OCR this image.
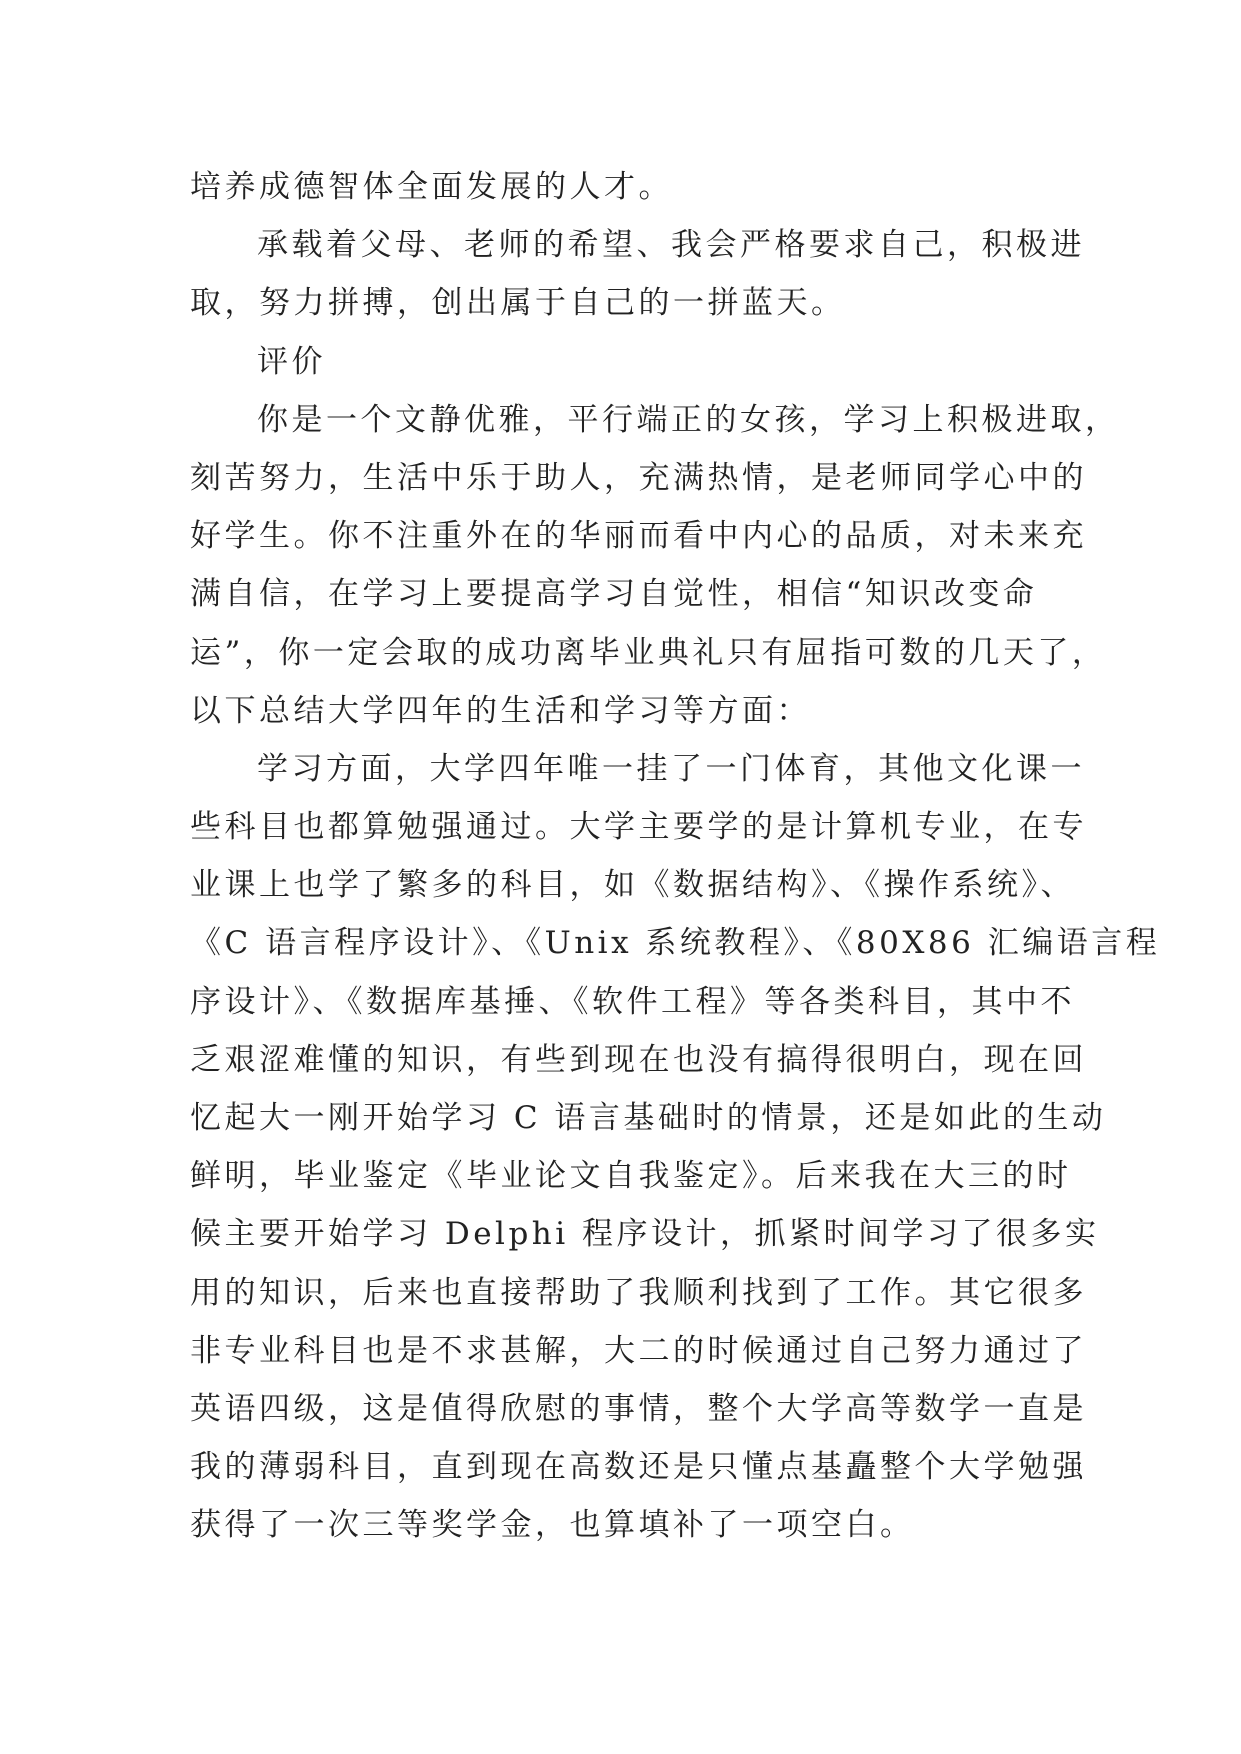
培养成德智体全面发展的人才。
承载着父母、老师的希望、我会严格要求自己，积极进
取，努力拼搏，创出属于自己的一拼蓝天。
评价
你是一个文静优雅，平行端正的女孩，学习上积极进取，
刻苦努力，生活中乐于助人，充满热情，是老师同学心中的
好学生。你不注重外在的华丽而看中内心的品质，对未来充
满自信，在学习上要提高学习自觉性，相信“知识改变命
运”，你一定会取的成功离毕业典礼只有屈指可数的几天了，
以下总结大学四年的生活和学习等方面：
学习方面，大学四年唯一挂了一门体育，其他文化课一
些科目也都算勉强通过。大学主要学的是计算机专业，在专
业课上也学了繁多的科目，如《数据结构》、《操作系统》、
《C 语言程序设计》、《Unix 系统教程》、《80X86 汇编语言程
序设计》、《数据库基捶、《软件工程》等各类科目，其中不
乏艰涩难懂的知识，有些到现在也没有搞得很明白，现在回
忆起大一刚开始学习 C 语言基础时的情景，还是如此的生动
鲜明，毕业鉴定《毕业论文自我鉴定》。后来我在大三的时
候主要开始学习 Delphi 程序设计，抓紧时间学习了很多实
用的知识，后来也直接帮助了我顺利找到了工作。其它很多
非专业科目也是不求甚解，大二的时候通过自己努力通过了
英语四级，这是值得欣慰的事情，整个大学高等数学一直是
我的薄弱科目，直到现在高数还是只懂点基矗整个大学勉强
获得了一次三等奖学金，也算填补了一项空白。
